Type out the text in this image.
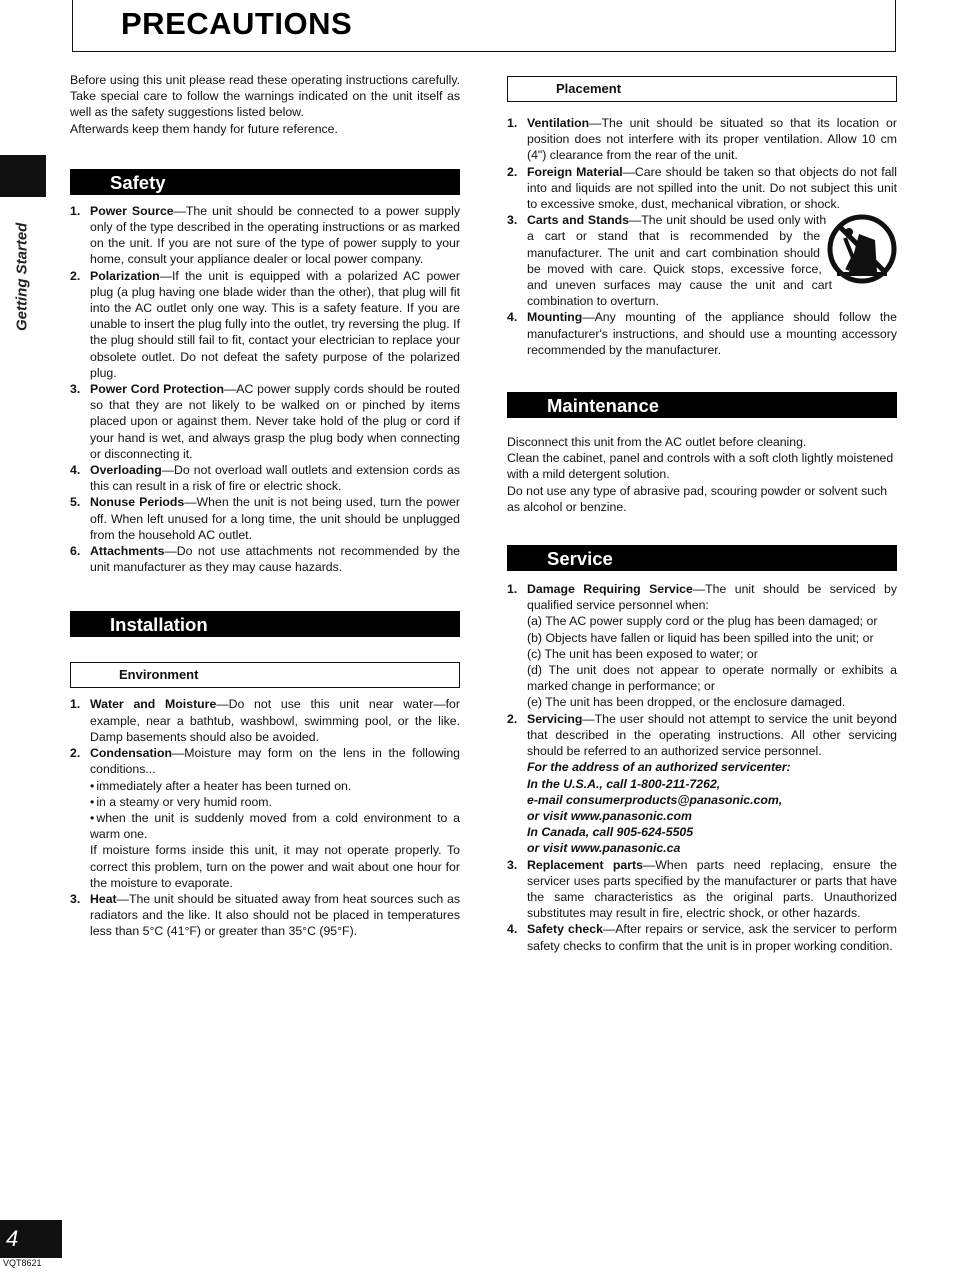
PRECAUTIONS
Getting Started

Before using this unit please read these operating instructions carefully. Take special care to follow the warnings indicated on the unit itself as well as the safety suggestions listed below.

Afterwards keep them handy for future reference.

Safety
1. Power Source—The unit should be connected to a power supply only of the type described in the operating instructions or as marked on the unit. If you are not sure of the type of power supply to your home, consult your appliance dealer or local power company.
2. Polarization—If the unit is equipped with a polarized AC power plug (a plug having one blade wider than the other), that plug will fit into the AC outlet only one way. This is a safety feature. If you are unable to insert the plug fully into the outlet, try reversing the plug. If the plug should still fail to fit, contact your electrician to replace your obsolete outlet. Do not defeat the safety purpose of the polarized plug.
3. Power Cord Protection—AC power supply cords should be routed so that they are not likely to be walked on or pinched by items placed upon or against them. Never take hold of the plug or cord if your hand is wet, and always grasp the plug body when connecting or disconnecting it.
4. Overloading—Do not overload wall outlets and extension cords as this can result in a risk of fire or electric shock.
5. Nonuse Periods—When the unit is not being used, turn the power off. When left unused for a long time, the unit should be unplugged from the household AC outlet.
6. Attachments—Do not use attachments not recommended by the unit manufacturer as they may cause hazards.
Installation
Environment
1. Water and Moisture—Do not use this unit near water—for example, near a bathtub, washbowl, swimming pool, or the like. Damp basements should also be avoided.
2. Condensation—Moisture may form on the lens in the following conditions...

• immediately after a heater has been turned on.

• in a steamy or very humid room.

• when the unit is suddenly moved from a cold environment to a warm one.

If moisture forms inside this unit, it may not operate properly. To correct this problem, turn on the power and wait about one hour for the moisture to evaporate.

3. Heat—The unit should be situated away from heat sources such as radiators and the like. It also should not be placed in temperatures less than 5°C (41°F) or greater than 35°C (95°F).
Placement
1. Ventilation—The unit should be situated so that its location or position does not interfere with its proper ventilation. Allow 10 cm (4") clearance from the rear of the unit.
2. Foreign Material—Care should be taken so that objects do not fall into and liquids are not spilled into the unit. Do not subject this unit to excessive smoke, dust, mechanical vibration, or shock.
3. Carts and Stands—The unit should be used only with a cart or stand that is recommended by the manufacturer. The unit and cart combination should be moved with care. Quick stops, excessive force, and uneven surfaces may cause the unit and cart combination to overturn.
4. Mounting—Any mounting of the appliance should follow the manufacturer's instructions, and should use a mounting accessory recommended by the manufacturer.
Maintenance

Disconnect this unit from the AC outlet before cleaning.

Clean the cabinet, panel and controls with a soft cloth lightly moistened with a mild detergent solution.

Do not use any type of abrasive pad, scouring powder or solvent such as alcohol or benzine.

Service
1. Damage Requiring Service—The unit should be serviced by qualified service personnel when:

(a) The AC power supply cord or the plug has been damaged; or

(b) Objects have fallen or liquid has been spilled into the unit; or

(c) The unit has been exposed to water; or

(d) The unit does not appear to operate normally or exhibits a marked change in performance; or

(e) The unit has been dropped, or the enclosure damaged.

2. Servicing—The user should not attempt to service the unit beyond that described in the operating instructions. All other servicing should be referred to an authorized service personnel.

For the address of an authorized servicenter:

In the U.S.A., call 1-800-211-7262,

e-mail consumerproducts@panasonic.com,

or visit www.panasonic.com

In Canada, call 905-624-5505

or visit www.panasonic.ca

3. Replacement parts—When parts need replacing, ensure the servicer uses parts specified by the manufacturer or parts that have the same characteristics as the original parts. Unauthorized substitutes may result in fire, electric shock, or other hazards.
4. Safety check—After repairs or service, ask the servicer to perform safety checks to confirm that the unit is in proper working condition.
4
VQT8621
